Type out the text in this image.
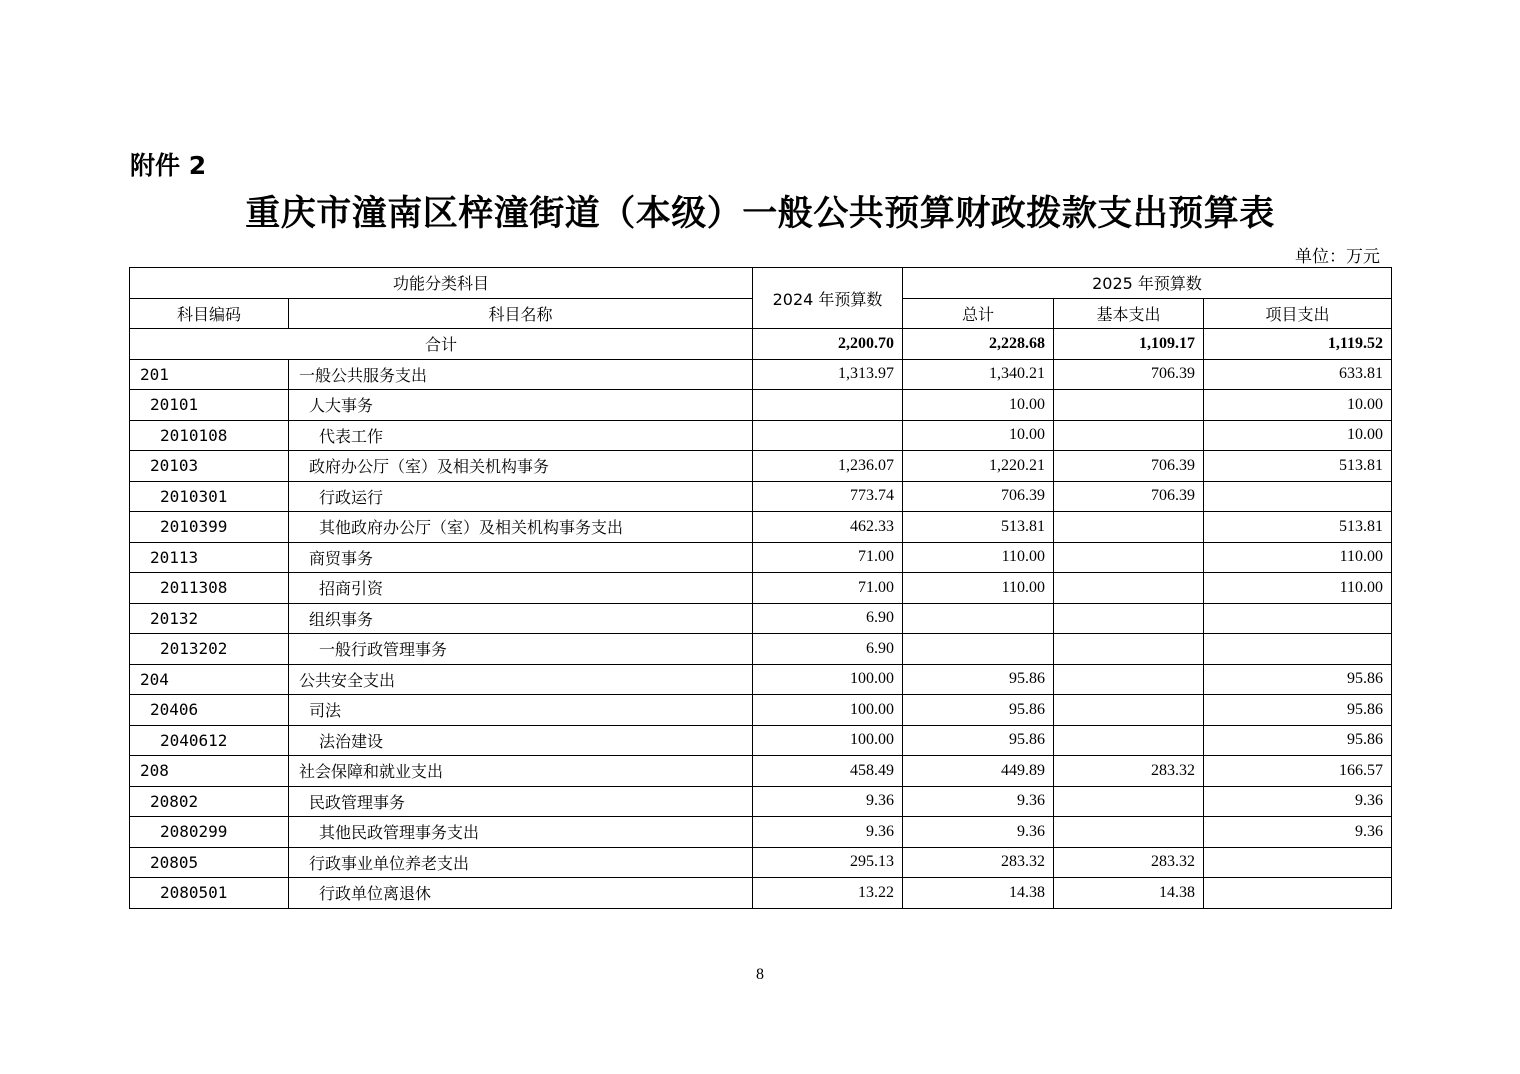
附件 2
重庆市潼南区梓潼街道（本级）一般公共预算财政拨款支出预算表
单位：万元
功能分类科目		2024 年预算数	2025 年预算数		
科目编码	科目名称		总计	基本支出	项目支出
合计		2,200.70	2,228.68	1,109.17	1,119.52
201	一般公共服务支出	1,313.97	1,340.21	706.39	633.81
20101	人大事务		10.00		10.00
2010108	代表工作		10.00		10.00
20103	政府办公厅（室）及相关机构事务	1,236.07	1,220.21	706.39	513.81
2010301	行政运行	773.74	706.39	706.39	
2010399	其他政府办公厅（室）及相关机构事务支出	462.33	513.81		513.81
20113	商贸事务	71.00	110.00		110.00
2011308	招商引资	71.00	110.00		110.00
20132	组织事务	6.90			
2013202	一般行政管理事务	6.90			
204	公共安全支出	100.00	95.86		95.86
20406	司法	100.00	95.86		95.86
2040612	法治建设	100.00	95.86		95.86
208	社会保障和就业支出	458.49	449.89	283.32	166.57
20802	民政管理事务	9.36	9.36		9.36
2080299	其他民政管理事务支出	9.36	9.36		9.36
20805	行政事业单位养老支出	295.13	283.32	283.32	
2080501	行政单位离退休	13.22	14.38	14.38	
8
